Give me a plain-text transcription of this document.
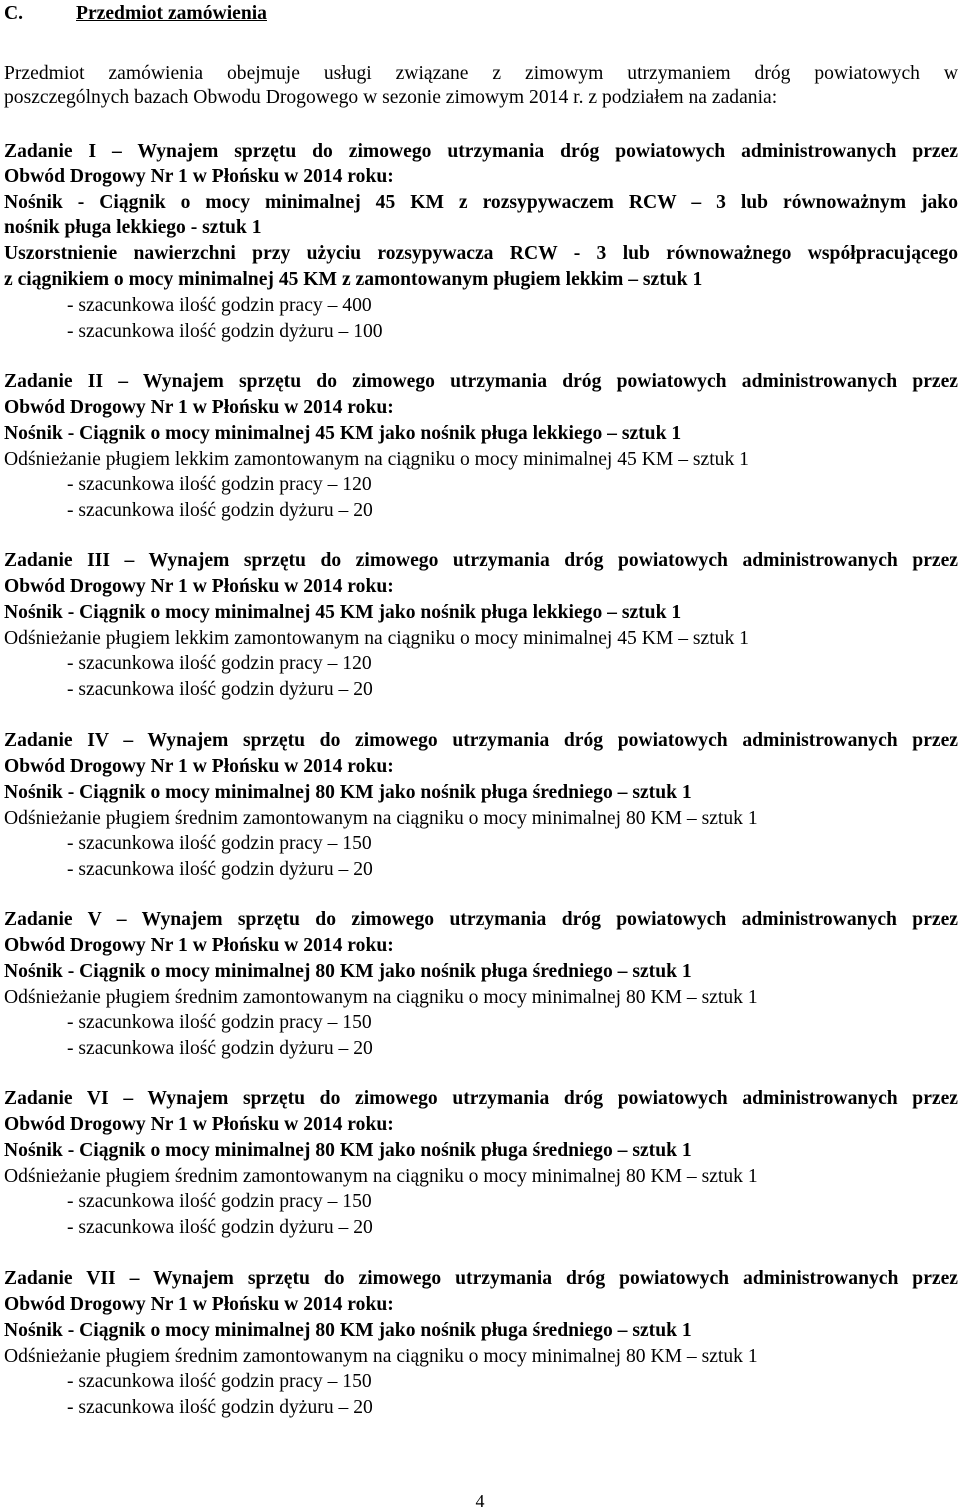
C.	Przedmiot zamówienia
Przedmiot zamówienia obejmuje usługi związane z zimowym utrzymaniem dróg powiatowych w
poszczególnych bazach Obwodu Drogowego w sezonie zimowym 2014 r. z podziałem na zadania:
Zadanie I – Wynajem sprzętu do zimowego utrzymania dróg powiatowych administrowanych przez
Obwód Drogowy Nr 1 w Płońsku w 2014 roku:
Nośnik - Ciągnik o mocy minimalnej 45 KM z rozsypywaczem RCW – 3 lub równoważnym jako
nośnik pługa lekkiego - sztuk 1
Uszorstnienie nawierzchni przy użyciu rozsypywacza RCW - 3 lub równoważnego współpracującego
z ciągnikiem o mocy minimalnej 45 KM z zamontowanym pługiem lekkim – sztuk 1
- szacunkowa ilość godzin pracy – 400
- szacunkowa ilość godzin dyżuru – 100
Zadanie II – Wynajem sprzętu do zimowego utrzymania dróg powiatowych administrowanych przez
Obwód Drogowy Nr 1 w Płońsku w 2014 roku:
Nośnik - Ciągnik o mocy minimalnej 45 KM jako nośnik pługa lekkiego – sztuk 1
Odśnieżanie pługiem lekkim zamontowanym na ciągniku o mocy minimalnej 45 KM – sztuk 1
- szacunkowa ilość godzin pracy – 120
- szacunkowa ilość godzin dyżuru – 20
Zadanie III – Wynajem sprzętu do zimowego utrzymania dróg powiatowych administrowanych przez
Obwód Drogowy Nr 1 w Płońsku w 2014 roku:
Nośnik - Ciągnik o mocy minimalnej 45 KM jako nośnik pługa lekkiego – sztuk 1
Odśnieżanie pługiem lekkim zamontowanym na ciągniku o mocy minimalnej 45 KM – sztuk 1
- szacunkowa ilość godzin pracy – 120
- szacunkowa ilość godzin dyżuru – 20
Zadanie IV – Wynajem sprzętu do zimowego utrzymania dróg powiatowych administrowanych przez
Obwód Drogowy Nr 1 w Płońsku w 2014 roku:
Nośnik - Ciągnik o mocy minimalnej 80 KM jako nośnik pługa średniego – sztuk 1
Odśnieżanie pługiem średnim zamontowanym na ciągniku o mocy minimalnej 80 KM – sztuk 1
- szacunkowa ilość godzin pracy – 150
- szacunkowa ilość godzin dyżuru – 20
Zadanie V – Wynajem sprzętu do zimowego utrzymania dróg powiatowych administrowanych przez
Obwód Drogowy Nr 1 w Płońsku w 2014 roku:
Nośnik - Ciągnik o mocy minimalnej 80 KM jako nośnik pługa średniego – sztuk 1
Odśnieżanie pługiem średnim zamontowanym na ciągniku o mocy minimalnej 80 KM – sztuk 1
- szacunkowa ilość godzin pracy – 150
- szacunkowa ilość godzin dyżuru – 20
Zadanie VI – Wynajem sprzętu do zimowego utrzymania dróg powiatowych administrowanych przez
Obwód Drogowy Nr 1 w Płońsku w 2014 roku:
Nośnik - Ciągnik o mocy minimalnej 80 KM jako nośnik pługa średniego – sztuk 1
Odśnieżanie pługiem średnim zamontowanym na ciągniku o mocy minimalnej 80 KM – sztuk 1
- szacunkowa ilość godzin pracy – 150
- szacunkowa ilość godzin dyżuru – 20
Zadanie VII – Wynajem sprzętu do zimowego utrzymania dróg powiatowych administrowanych przez
Obwód Drogowy Nr 1 w Płońsku w 2014 roku:
Nośnik - Ciągnik o mocy minimalnej 80 KM jako nośnik pługa średniego – sztuk 1
Odśnieżanie pługiem średnim zamontowanym na ciągniku o mocy minimalnej 80 KM – sztuk 1
- szacunkowa ilość godzin pracy – 150
- szacunkowa ilość godzin dyżuru – 20
4
